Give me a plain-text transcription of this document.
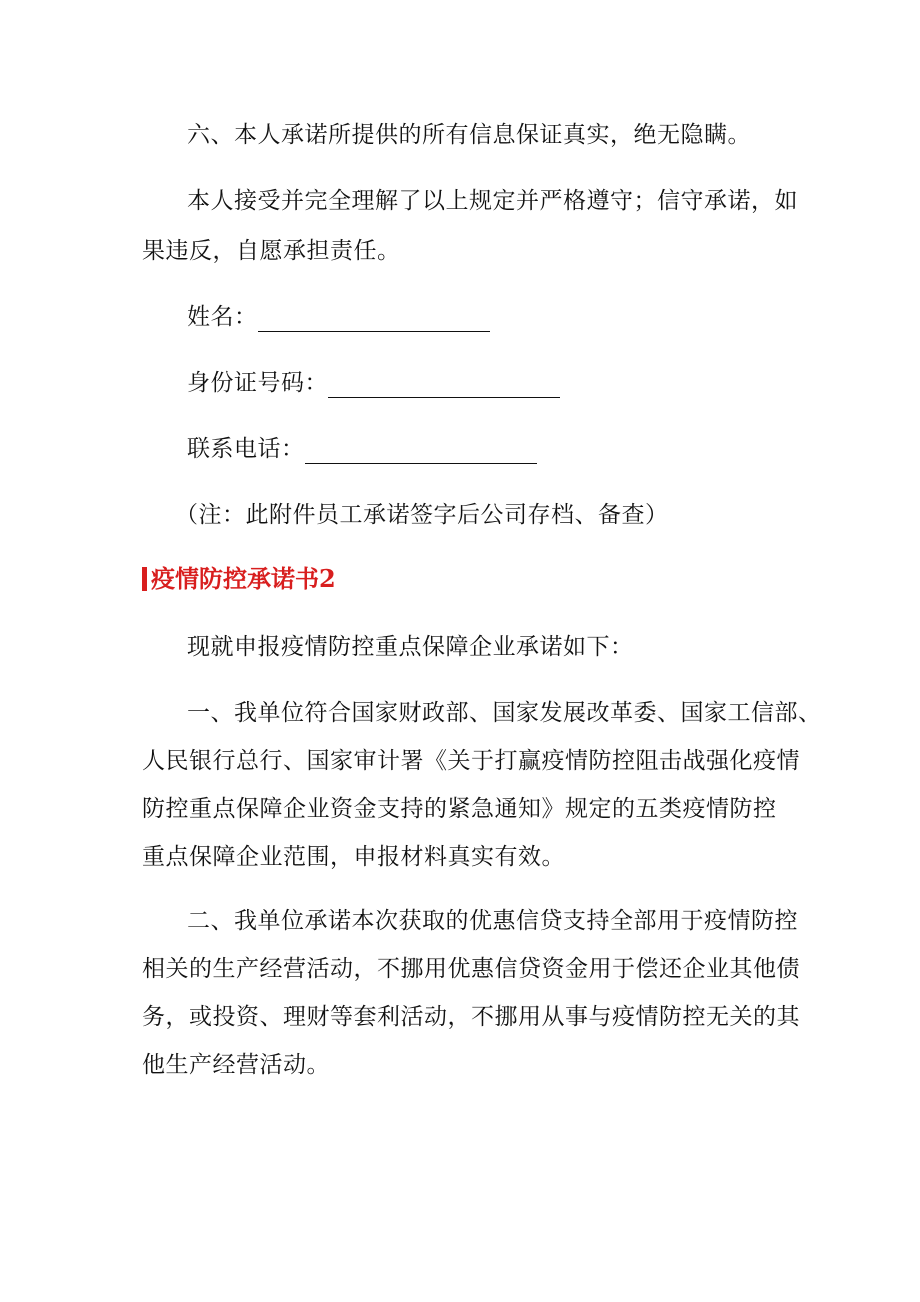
六、本人承诺所提供的所有信息保证真实，绝无隐瞒。
本人接受并完全理解了以上规定并严格遵守；信守承诺，如
果违反，自愿承担责任。
姓名：
身份证号码：
联系电话：
（注：此附件员工承诺签字后公司存档、备查）
疫情防控承诺书2
现就申报疫情防控重点保障企业承诺如下：
一、我单位符合国家财政部、国家发展改革委、国家工信部、
人民银行总行、国家审计署《关于打赢疫情防控阻击战强化疫情
防控重点保障企业资金支持的紧急通知》规定的五类疫情防控
重点保障企业范围，申报材料真实有效。
二、我单位承诺本次获取的优惠信贷支持全部用于疫情防控
相关的生产经营活动，不挪用优惠信贷资金用于偿还企业其他债
务，或投资、理财等套利活动，不挪用从事与疫情防控无关的其
他生产经营活动。
